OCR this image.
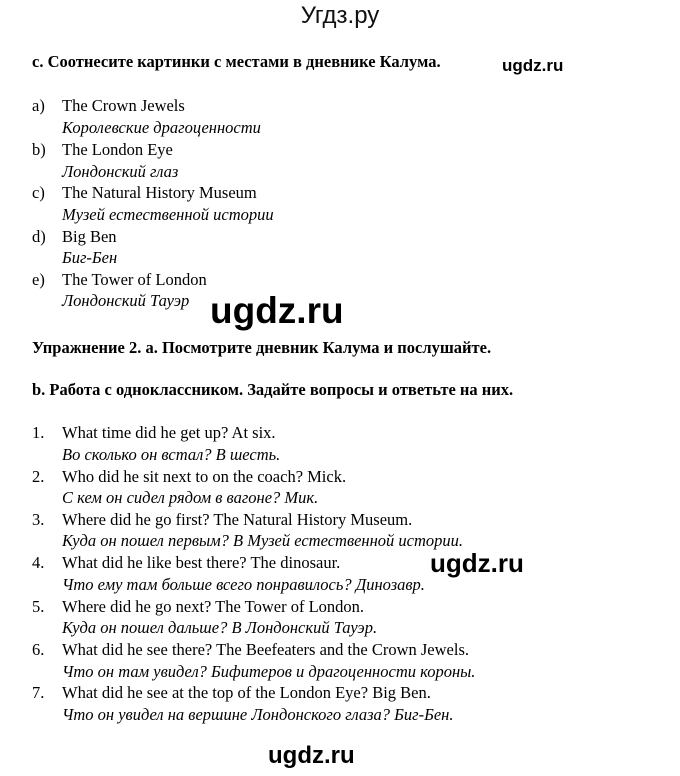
Угдз.ру
c. Соотнесите картинки с местами в дневнике Калума.
a) The Crown Jewels
Королевские драгоценности
b) The London Eye
Лондонский глаз
c) The Natural History Museum
Музей естественной истории
d) Big Ben
Биг-Бен
e) The Tower of London
Лондонский Тауэр
Упражнение 2. a. Посмотрите дневник Калума и послушайте.
b. Работа с одноклассником. Задайте вопросы и ответьте на них.
1. What time did he get up? At six.
Во сколько он встал? В шесть.
2. Who did he sit next to on the coach? Mick.
С кем он сидел рядом в вагоне? Мик.
3. Where did he go first? The Natural History Museum.
Куда он пошел первым? В Музей естественной истории.
4. What did he like best there? The dinosaur.
Что ему там больше всего понравилось? Динозавр.
5. Where did he go next? The Tower of London.
Куда он пошел дальше? В Лондонский Тауэр.
6. What did he see there? The Beefeaters and the Crown Jewels.
Что он там увидел? Бифитеров и драгоценности короны.
7. What did he see at the top of the London Eye? Big Ben.
Что он увидел на вершине Лондонского глаза? Биг-Бен.
ugdz.ru
ugdz.ru
ugdz.ru
ugdz.ru
